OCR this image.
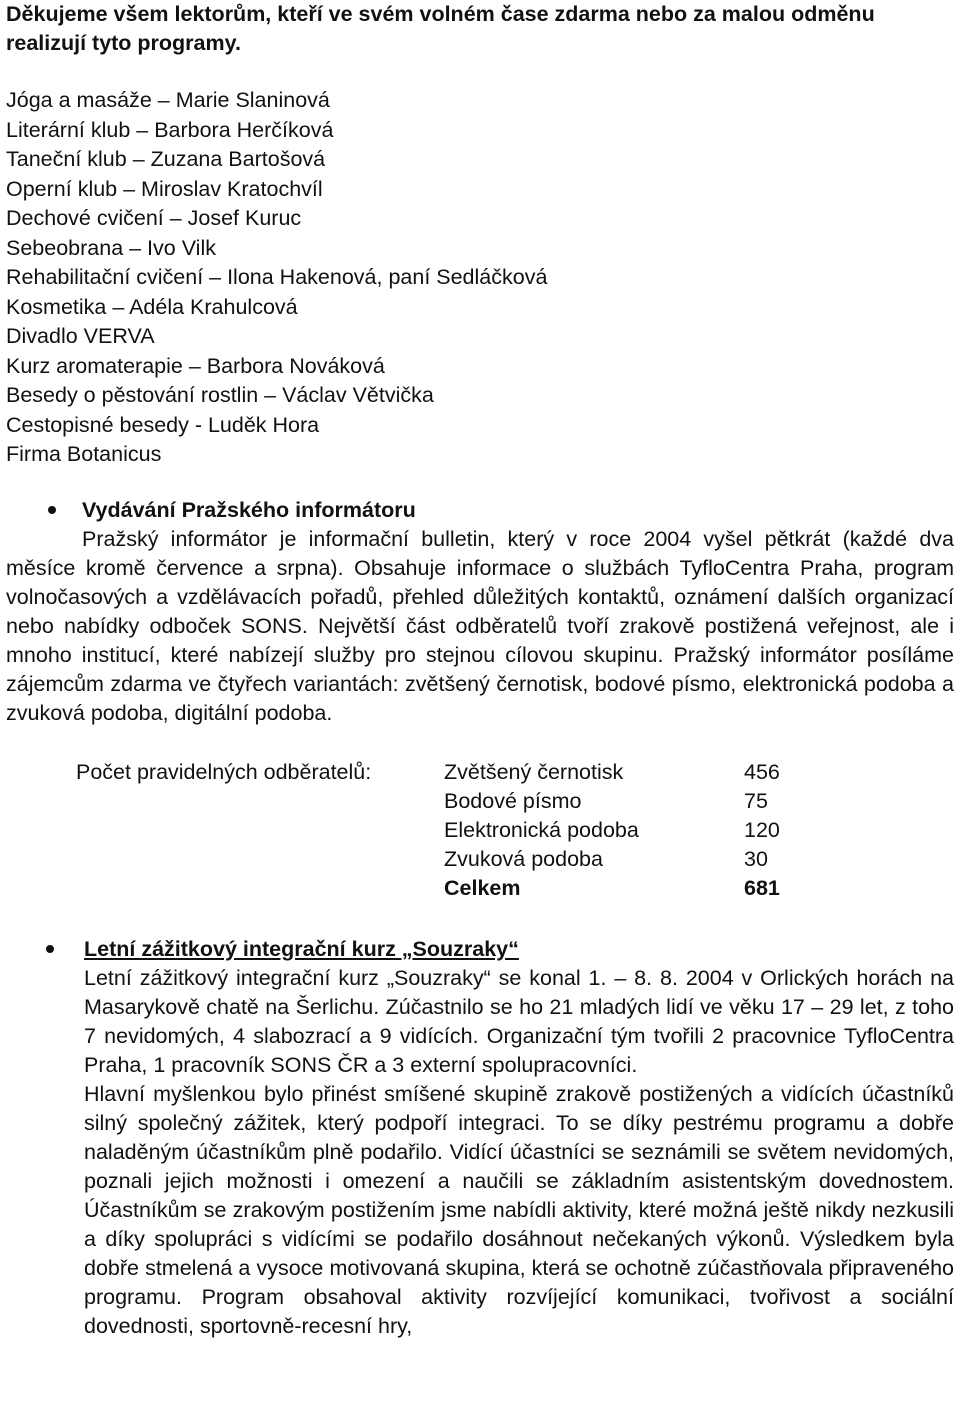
Děkujeme všem lektorům, kteří ve svém volném čase zdarma nebo za malou odměnu realizují tyto programy.

Jóga a masáže – Marie Slaninová
Literární klub – Barbora Herčíková
Taneční klub – Zuzana Bartošová
Operní klub – Miroslav Kratochvíl
Dechové cvičení – Josef Kuruc
Sebeobrana – Ivo Vilk
Rehabilitační cvičení – Ilona Hakenová, paní Sedláčková
Kosmetika – Adéla Krahulcová
Divadlo VERVA
Kurz aromaterapie – Barbora Nováková
Besedy o pěstování rostlin – Václav Větvička
Cestopisné besedy - Luděk Hora
Firma Botanicus

Vydávání Pražského informátoru

Pražský informátor je informační bulletin, který v roce 2004 vyšel pětkrát (každé dva měsíce kromě července a srpna). Obsahuje informace o službách TyfloCentra Praha, program volnočasových a vzdělávacích pořadů, přehled důležitých kontaktů, oznámení dalších organizací nebo nabídky odboček SONS. Největší část odběratelů tvoří zrakově postižená veřejnost, ale i mnoho institucí, které nabízejí služby pro stejnou cílovou skupinu. Pražský informátor posíláme zájemcům zdarma ve čtyřech variantách: zvětšený černotisk, bodové písmo, elektronická podoba a zvuková podoba, digitální podoba.

Počet pravidelných odběratelů:	Zvětšený černotisk	456
Bodové písmo	75
Elektronická podoba	120
Zvuková podoba	30
Celkem	681

Letní zážitkový integrační kurz „Souzraky“

Letní zážitkový integrační kurz „Souzraky“ se konal 1. – 8. 8. 2004 v Orlických horách na Masarykově chatě na Šerlichu. Zúčastnilo se ho 21 mladých lidí ve věku 17 – 29 let, z toho 7 nevidomých, 4 slabozrací a 9 vidících. Organizační tým tvořili 2 pracovnice TyfloCentra Praha, 1 pracovník SONS ČR a 3 externí spolupracovníci.

Hlavní myšlenkou bylo přinést smíšené skupině zrakově postižených a vidících účastníků silný společný zážitek, který podpoří integraci. To se díky pestrému programu a dobře naladěným účastníkům plně podařilo. Vidící účastníci se seznámili se světem nevidomých, poznali jejich možnosti i omezení a naučili se základním asistentským dovednostem. Účastníkům se zrakovým postižením jsme nabídli aktivity, které možná ještě nikdy nezkusili a díky spolupráci s vidícími se podařilo dosáhnout nečekaných výkonů. Výsledkem byla dobře stmelená a vysoce motivovaná skupina, která se ochotně zúčastňovala připraveného programu. Program obsahoval aktivity rozvíjející komunikaci, tvořivost a sociální dovednosti, sportovně-recesní hry,
